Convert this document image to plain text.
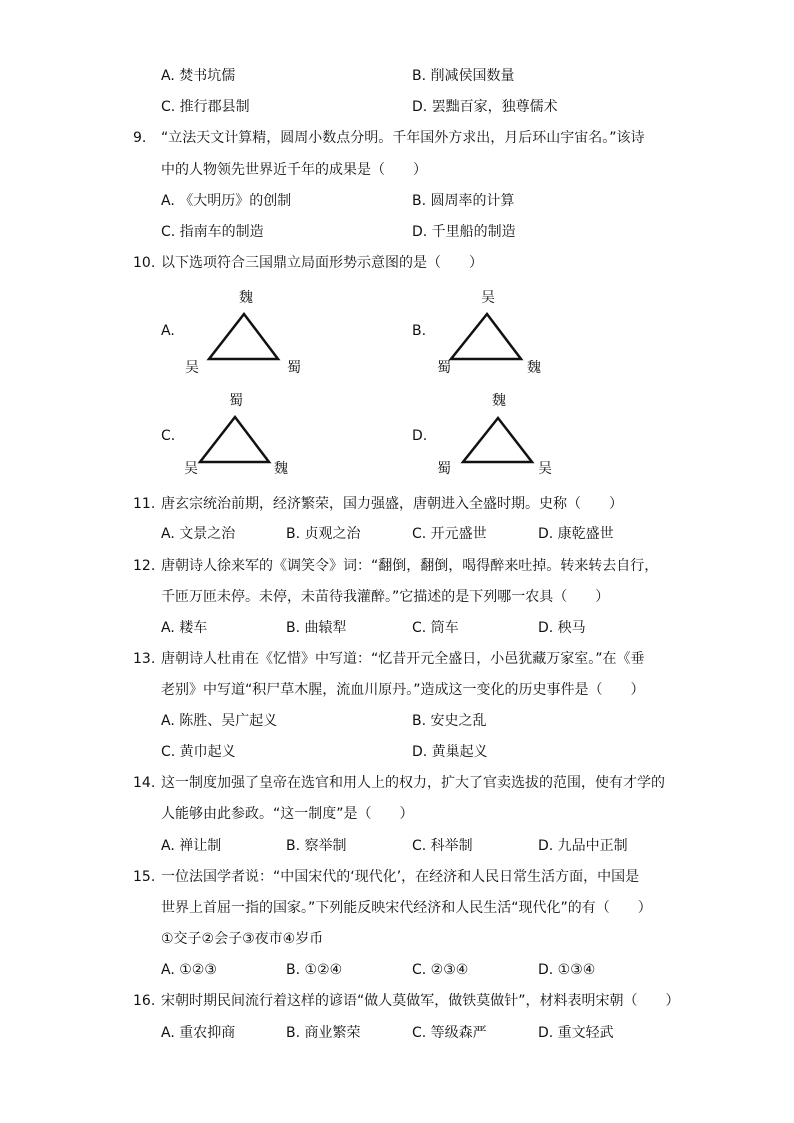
A. 焚书坑儒	B. 削减侯国数量
C. 推行郡县制	D. 罢黜百家，独尊儒术
9. “立法天文计算精，圆周小数点分明。千年国外方求出，月后环山宇宙名。”该诗
中的人物领先世界近千年的成果是（　　）
A. 《大明历》的创制	B. 圆周率的计算
C. 指南车的制造	D. 千里船的制造
10. 以下选项符合三国鼎立局面形势示意图的是（　　）
A.
魏
吴	蜀
B.
吴
蜀	魏
C.
蜀
吴	魏
D.
魏
蜀	吴
11. 唐玄宗统治前期，经济繁荣，国力强盛，唐朝进入全盛时期。史称（　　）
A. 文景之治	B. 贞观之治	C. 开元盛世	D. 康乾盛世
12. 唐朝诗人徐来军的《调笑令》词：“翻倒，翻倒，喝得醉来吐掉。转来转去自行，
千匝万匝未停。未停，未苗待我灌醉。”它描述的是下列哪一农具（　　）
A. 耧车	B. 曲辕犁	C. 筒车	D. 秧马
13. 唐朝诗人杜甫在《忆惜》中写道：“忆昔开元全盛日，小邑犹藏万家室。”在《垂
老别》中写道“积尸草木腥，流血川原丹。”造成这一变化的历史事件是（　　）
A. 陈胜、吴广起义	B. 安史之乱
C. 黄巾起义	D. 黄巢起义
14. 这一制度加强了皇帝在选官和用人上的权力，扩大了官卖选拔的范围，使有才学的
人能够由此参政。“这一制度”是（　　）
A. 禅让制	B. 察举制	C. 科举制	D. 九品中正制
15. 一位法国学者说：“中国宋代的‘现代化’，在经济和人民日常生活方面，中国是
世界上首屈一指的国家。”下列能反映宋代经济和人民生活“现代化”的有（　　）
①交子②会子③夜市④岁币
A. ①②③	B. ①②④	C. ②③④	D. ①③④
16. 宋朝时期民间流行着这样的谚语“做人莫做军，做铁莫做针”，材料表明宋朝（　　）
A. 重农抑商	B. 商业繁荣	C. 等级森严	D. 重文轻武
